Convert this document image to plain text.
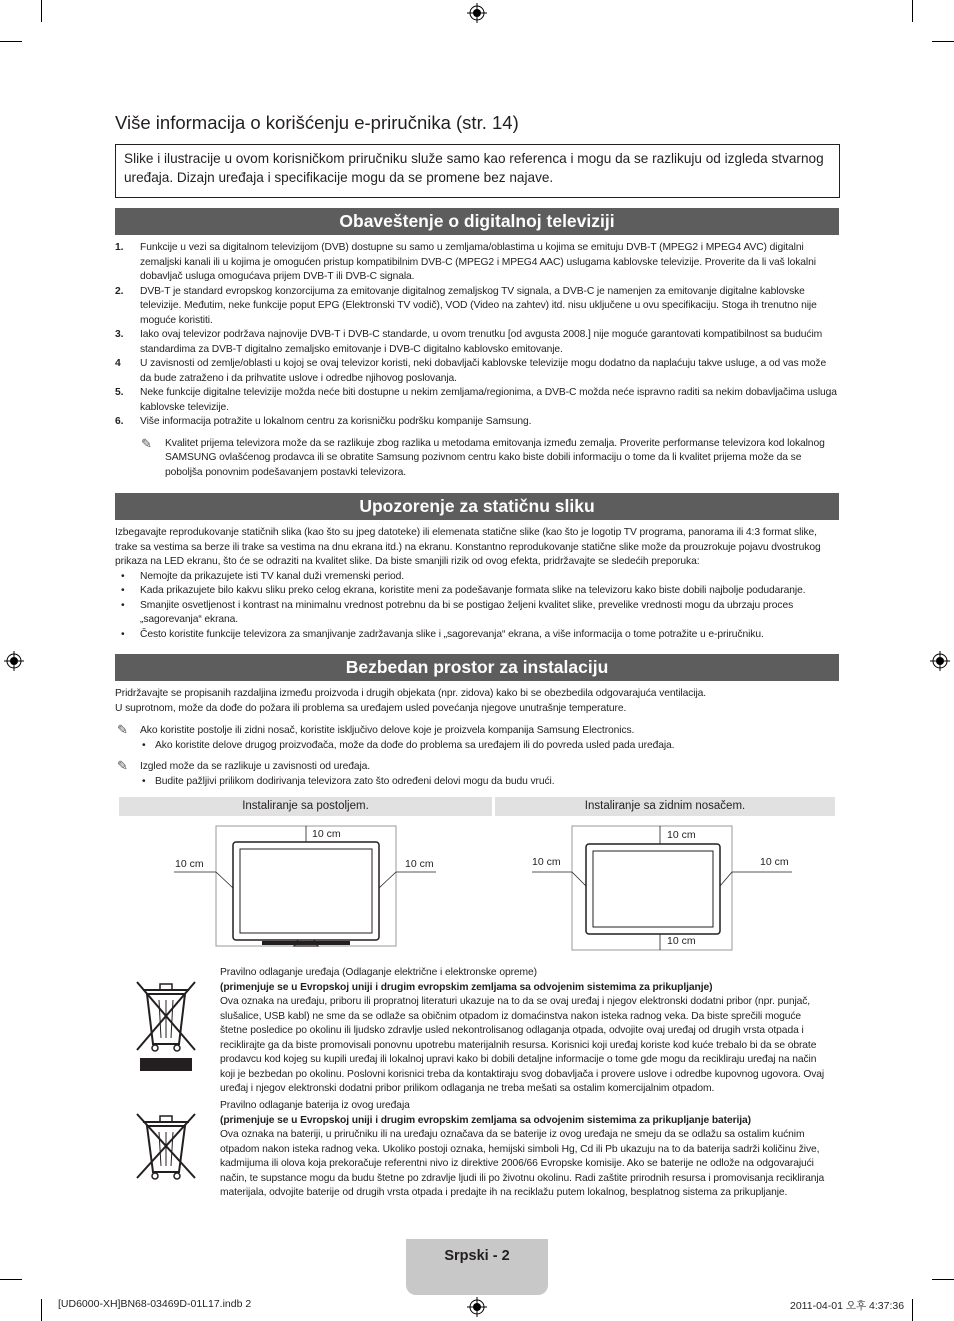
Više informacija o korišćenju e-priručnika (str. 14)
Slike i ilustracije u ovom korisničkom priručniku služe samo kao referenca i mogu da se razlikuju od izgleda stvarnog uređaja. Dizajn uređaja i specifikacije mogu da se promene bez najave.
Obaveštenje o digitalnoj televiziji
1. Funkcije u vezi sa digitalnom televizijom (DVB) dostupne su samo u zemljama/oblastima u kojima se emituju DVB-T (MPEG2 i MPEG4 AVC) digitalni zemaljski kanali ili u kojima je omogućen pristup kompatibilnim DVB-C (MPEG2 i MPEG4 AAC) uslugama kablovske televizije. Proverite da li vaš lokalni dobavljač usluga omogućava prijem DVB-T ili DVB-C signala.
2. DVB-T je standard evropskog konzorcijuma za emitovanje digitalnog zemaljskog TV signala, a DVB-C je namenjen za emitovanje digitalne kablovske televizije. Međutim, neke funkcije poput EPG (Elektronski TV vodič), VOD (Video na zahtev) itd. nisu uključene u ovu specifikaciju. Stoga ih trenutno nije moguće koristiti.
3. Iako ovaj televizor podržava najnovije DVB-T i DVB-C standarde, u ovom trenutku [od avgusta 2008.] nije moguće garantovati kompatibilnost sa budućim standardima za DVB-T digitalno zemaljsko emitovanje i DVB-C digitalno kablovsko emitovanje.
4 U zavisnosti od zemlje/oblasti u kojoj se ovaj televizor koristi, neki dobavljači kablovske televizije mogu dodatno da naplaćuju takve usluge, a od vas može da bude zatraženo i da prihvatite uslove i odredbe njihovog poslovanja.
5. Neke funkcije digitalne televizije možda neće biti dostupne u nekim zemljama/regionima, a DVB-C možda neće ispravno raditi sa nekim dobavljačima usluga kablovske televizije.
6. Više informacija potražite u lokalnom centru za korisničku podršku kompanije Samsung.
✎ Kvalitet prijema televizora može da se razlikuje zbog razlika u metodama emitovanja između zemalja. Proverite performanse televizora kod lokalnog SAMSUNG ovlašćenog prodavca ili se obratite Samsung pozivnom centru kako biste dobili informaciju o tome da li kvalitet prijema može da se poboljša ponovnim podešavanjem postavki televizora.
Upozorenje za statičnu sliku
Izbegavajte reprodukovanje statičnih slika (kao što su jpeg datoteke) ili elemenata statične slike (kao što je logotip TV programa, panorama ili 4:3 format slike, trake sa vestima sa berze ili trake sa vestima na dnu ekrana itd.) na ekranu. Konstantno reprodukovanje statične slike može da prouzrokuje pojavu dvostrukog prikaza na LED ekranu, što će se odraziti na kvalitet slike. Da biste smanjili rizik od ovog efekta, pridržavajte se sledećih preporuka:
• Nemojte da prikazujete isti TV kanal duži vremenski period.
• Kada prikazujete bilo kakvu sliku preko celog ekrana, koristite meni za podešavanje formata slike na televizoru kako biste dobili najbolje podudaranje.
• Smanjite osvetljenost i kontrast na minimalnu vrednost potrebnu da bi se postigao željeni kvalitet slike, prevelike vrednosti mogu da ubrzaju proces „sagorevanja“ ekrana.
• Često koristite funkcije televizora za smanjivanje zadržavanja slike i „sagorevanja“ ekrana, a više informacija o tome potražite u e-priručniku.
Bezbedan prostor za instalaciju
Pridržavajte se propisanih razdaljina između proizvoda i drugih objekata (npr. zidova) kako bi se obezbedila odgovarajuća ventilacija.
U suprotnom, može da dođe do požara ili problema sa uređajem usled povećanja njegove unutrašnje temperature.
✎ Ako koristite postolje ili zidni nosač, koristite isključivo delove koje je proizvela kompanija Samsung Electronics.
• Ako koristite delove drugog proizvođača, može da dođe do problema sa uređajem ili do povreda usled pada uređaja.
✎ Izgled može da se razlikuje u zavisnosti od uređaja.
• Budite pažljivi prilikom dodirivanja televizora zato što određeni delovi mogu da budu vrući.
Instaliranje sa postoljem.	Instaliranje sa zidnim nosačem.
10 cm
10 cm	10 cm
10 cm
10 cm	10 cm
10 cm
Pravilno odlaganje uređaja (Odlaganje električne i elektronske opreme)
(primenjuje se u Evropskoj uniji i drugim evropskim zemljama sa odvojenim sistemima za prikupljanje)
Ova oznaka na uređaju, priboru ili propratnoj literaturi ukazuje na to da se ovaj uređaj i njegov elektronski dodatni pribor (npr. punjač, slušalice, USB kabl) ne sme da se odlaže sa običnim otpadom iz domaćinstva nakon isteka radnog veka. Da biste sprečili moguće štetne posledice po okolinu ili ljudsko zdravlje usled nekontrolisanog odlaganja otpada, odvojite ovaj uređaj od drugih vrsta otpada i reciklirajte ga da biste promovisali ponovnu upotrebu materijalnih resursa. Korisnici koji uređaj koriste kod kuće trebalo bi da se obrate prodavcu kod kojeg su kupili uređaj ili lokalnoj upravi kako bi dobili detaljne informacije o tome gde mogu da recikliraju uređaj na način koji je bezbedan po okolinu. Poslovni korisnici treba da kontaktiraju svog dobavljača i provere uslove i odredbe kupovnog ugovora. Ovaj uređaj i njegov elektronski dodatni pribor prilikom odlaganja ne treba mešati sa ostalim komercijalnim otpadom.
Pravilno odlaganje baterija iz ovog uređaja
(primenjuje se u Evropskoj uniji i drugim evropskim zemljama sa odvojenim sistemima za prikupljanje baterija)
Ova oznaka na bateriji, u priručniku ili na uređaju označava da se baterije iz ovog uređaja ne smeju da se odlažu sa ostalim kućnim otpadom nakon isteka radnog veka. Ukoliko postoji oznaka, hemijski simboli Hg, Cd ili Pb ukazuju na to da baterija sadrži količinu žive, kadmijuma ili olova koja prekoračuje referentni nivo iz direktive 2006/66 Evropske komisije. Ako se baterije ne odlože na odgovarajući način, te supstance mogu da budu štetne po zdravlje ljudi ili po životnu okolinu. Radi zaštite prirodnih resursa i promovisanja recikliranja materijala, odvojite baterije od drugih vrsta otpada i predajte ih na reciklažu putem lokalnog, besplatnog sistema za prikupljanje.
Srpski - 2
[UD6000-XH]BN68-03469D-01L17.indb 2	2011-04-01 오후 4:37:36
